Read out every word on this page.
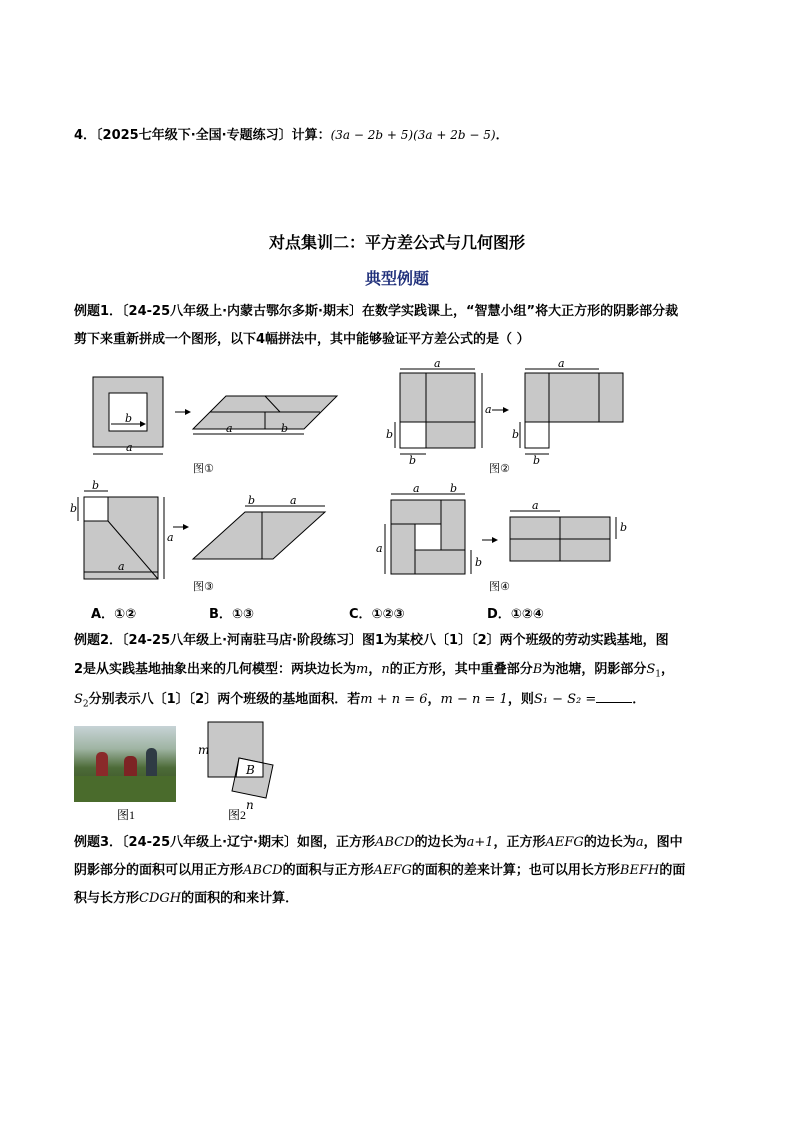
4．〔2025七年级下·全国·专题练习〕计算：(3a − 2b + 5)(3a + 2b − 5)．
对点集训二：平方差公式与几何图形
典型例题
例题1．〔24-25八年级上·内蒙古鄂尔多斯·期末〕在数学实践课上，“智慧小组”将大正方形的阴影部分裁
剪下来重新拼成一个图形，以下4幅拼法中，其中能够验证平方差公式的是（ ）
b
a
a	b
a
a
b
b
a
b
b
b
b
a
a
b	a
a	b
a
b
a
b
图①	图②
图③	图④
A．①②	B．①③	C．①②③	D．①②④
例题2．〔24-25八年级上·河南驻马店·阶段练习〕图1为某校八〔1〕〔2〕两个班级的劳动实践基地，图
2是从实践基地抽象出来的几何模型：两块边长为m，n的正方形，其中重叠部分B为池塘，阴影部分$S_1$，
$S_2$分别表示八〔1〕〔2〕两个班级的基地面积．若m + n = 6，m − n = 1，则S₁ − S₂ =	．
图1
m
B
n
图2
例题3．〔24-25八年级上·辽宁·期末〕如图，正方形ABCD的边长为a+1，正方形AEFG的边长为a，图中
阴影部分的面积可以用正方形ABCD的面积与正方形AEFG的面积的差来计算；也可以用长方形BEFH的面
积与长方形CDGH的面积的和来计算．
